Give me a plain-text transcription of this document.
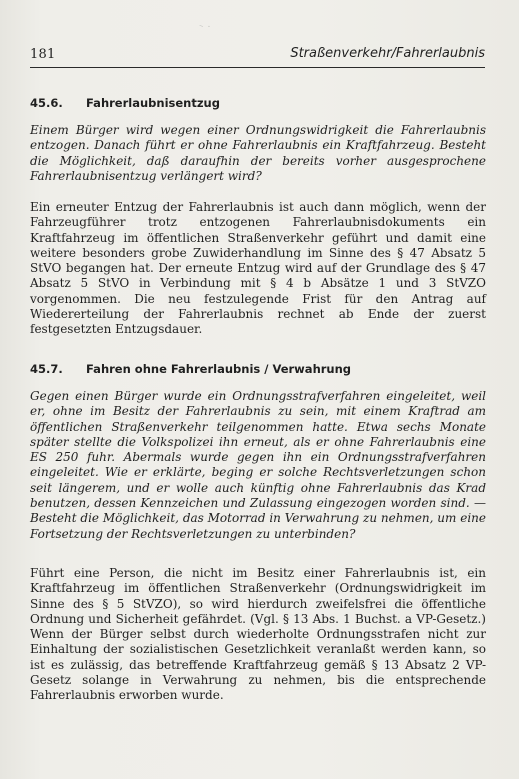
⁻ ˙
181	Straßenverkehr/Fahrerlaubnis
45.6.	Fahrerlaubnisentzug

Einem Bürger wird wegen einer Ordnungswidrigkeit die Fahrerlaubnis entzogen. Danach führt er ohne Fahrerlaubnis ein Kraftfahrzeug. Besteht die Möglichkeit, daß daraufhin der bereits vorher ausgesprochene Fahrerlaubnisentzug verlängert wird?

Ein erneuter Entzug der Fahrerlaubnis ist auch dann möglich, wenn der Fahrzeugführer trotz entzogenen Fahrerlaubnisdokuments ein Kraftfahrzeug im öffentlichen Straßenverkehr geführt und damit eine weitere besonders grobe Zuwiderhandlung im Sinne des § 47 Absatz 5 StVO begangen hat. Der erneute Entzug wird auf der Grundlage des § 47 Absatz 5 StVO in Verbindung mit § 4 b Absätze 1 und 3 StVZO vorgenommen. Die neu festzulegende Frist für den Antrag auf Wiedererteilung der Fahrerlaubnis rechnet ab Ende der zuerst festgesetzten Entzugsdauer.

45.7.	Fahren ohne Fahrerlaubnis / Verwahrung

Gegen einen Bürger wurde ein Ordnungsstrafverfahren eingeleitet, weil er, ohne im Besitz der Fahrerlaubnis zu sein, mit einem Kraftrad am öffentlichen Straßenverkehr teilgenommen hatte. Etwa sechs Monate später stellte die Volkspolizei ihn erneut, als er ohne Fahrerlaubnis eine ES 250 fuhr. Abermals wurde gegen ihn ein Ordnungsstrafverfahren eingeleitet. Wie er erklärte, beging er solche Rechtsverletzungen schon seit längerem, und er wolle auch künftig ohne Fahrerlaubnis das Krad benutzen, dessen Kennzeichen und Zulassung eingezogen worden sind. — Besteht die Möglichkeit, das Motorrad in Verwahrung zu nehmen, um eine Fortsetzung der Rechtsverletzungen zu unterbinden?

Führt eine Person, die nicht im Besitz einer Fahrerlaubnis ist, ein Kraftfahrzeug im öffentlichen Straßenverkehr (Ordnungswidrigkeit im Sinne des § 5 StVZO), so wird hierdurch zweifelsfrei die öffentliche Ordnung und Sicherheit gefährdet. (Vgl. § 13 Abs. 1 Buchst. a VP-Gesetz.) Wenn der Bürger selbst durch wiederholte Ordnungsstrafen nicht zur Einhaltung der sozialistischen Gesetzlichkeit veranlaßt werden kann, so ist es zulässig, das betreffende Kraftfahrzeug gemäß § 13 Absatz 2 VP-Gesetz solange in Verwahrung zu nehmen, bis die entsprechende Fahrerlaubnis erworben wurde.
